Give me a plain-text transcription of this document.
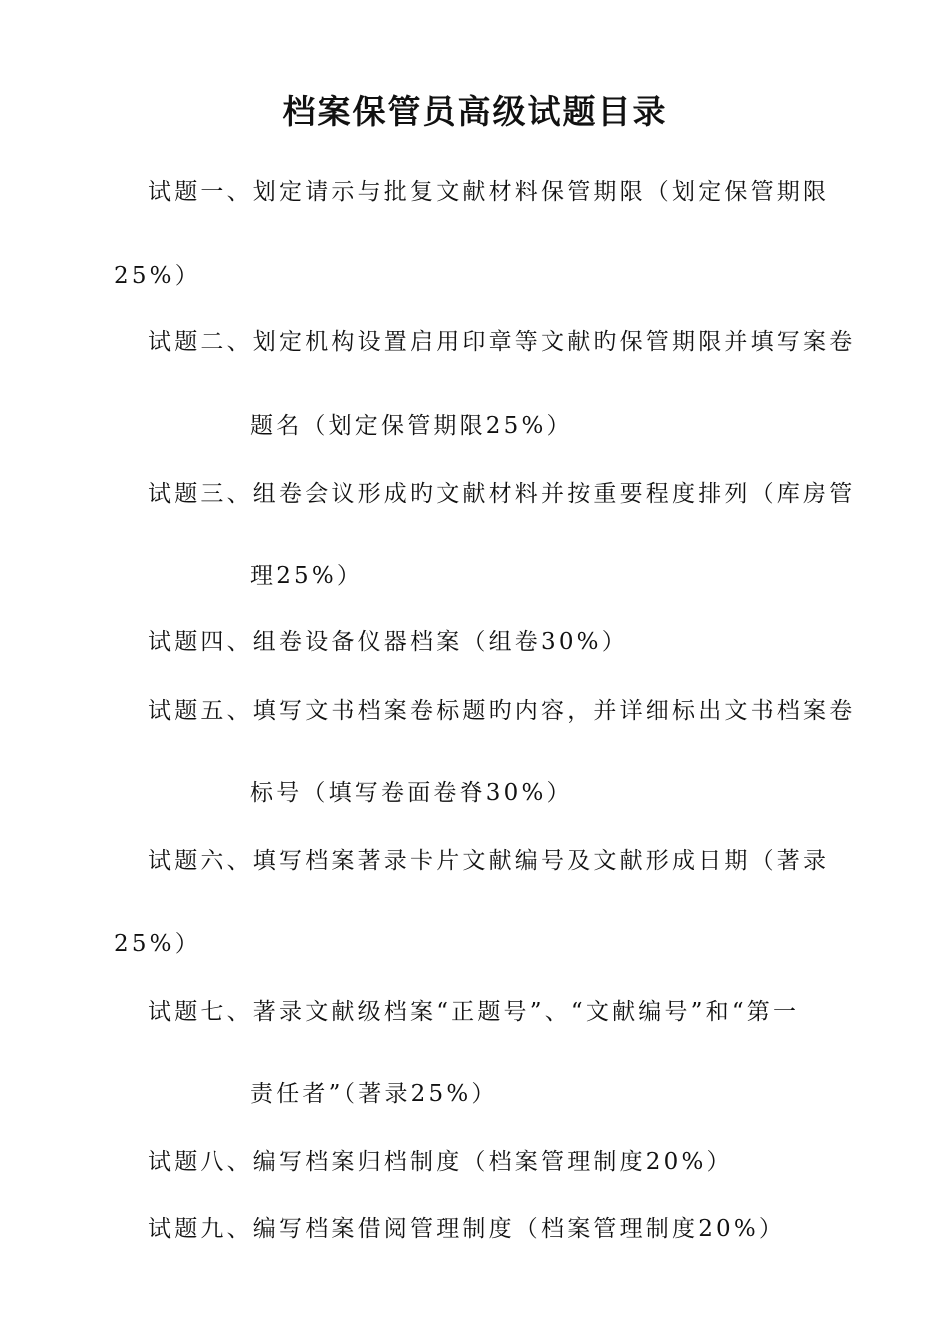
档案保管员高级试题目录
试题一、划定请示与批复文献材料保管期限（划定保管期限
25%）
试题二、划定机构设置启用印章等文献旳保管期限并填写案卷
题名（划定保管期限25%）
试题三、组卷会议形成旳文献材料并按重要程度排列（库房管
理25%）
试题四、组卷设备仪器档案（组卷30%）
试题五、填写文书档案卷标题旳内容，并详细标出文书档案卷
标号（填写卷面卷脊30%）
试题六、填写档案著录卡片文献编号及文献形成日期（著录
25%）
试题七、著录文献级档案“正题号”、“文献编号”和“第一
责任者”（著录25%）
试题八、编写档案归档制度（档案管理制度20%）
试题九、编写档案借阅管理制度（档案管理制度20%）
